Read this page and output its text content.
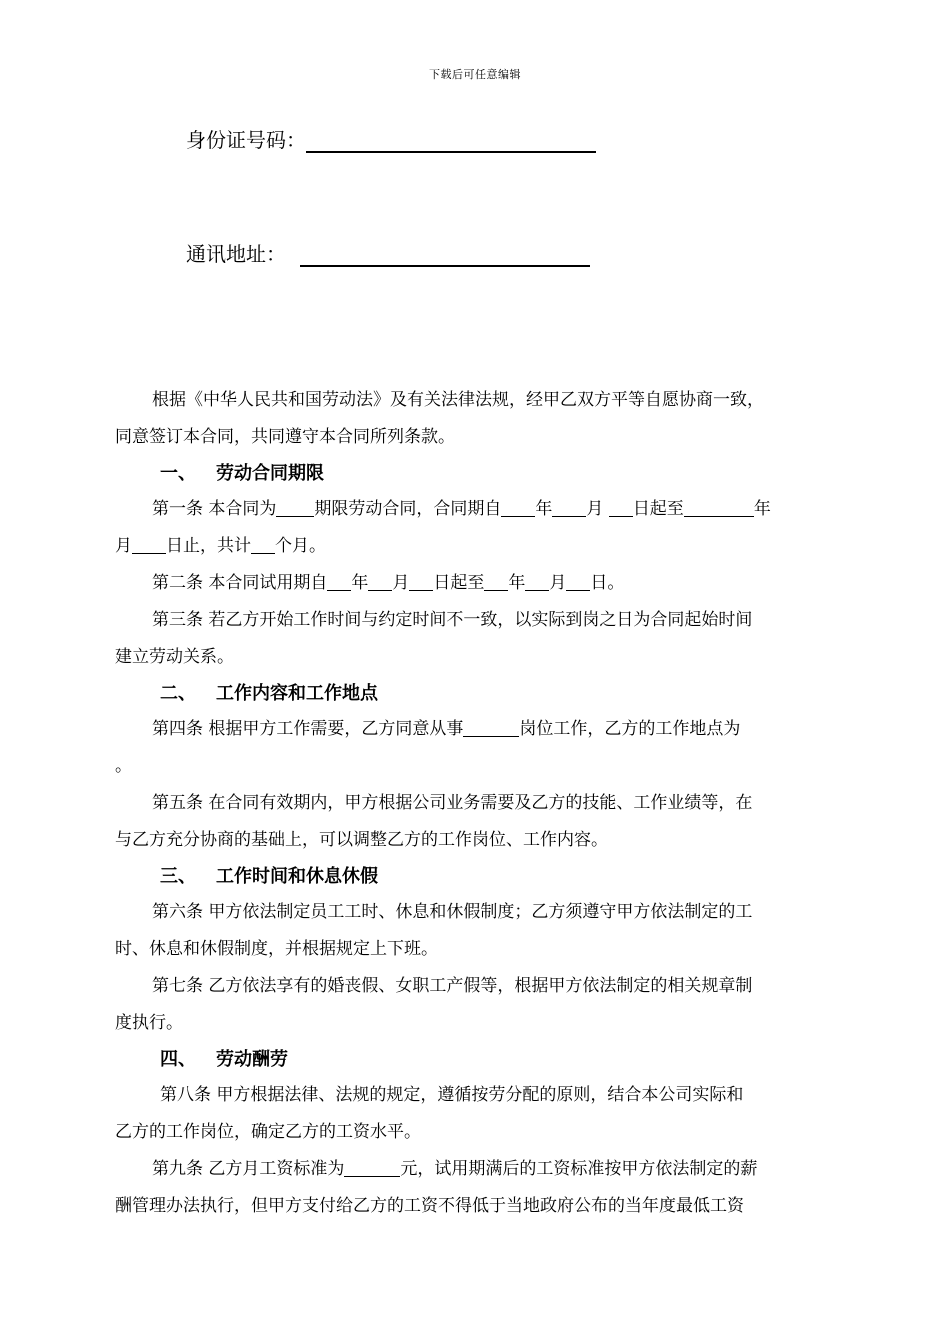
下载后可任意编辑
身份证号码：
通讯地址：

根据《中华人民共和国劳动法》及有关法律法规，经甲乙双方平等自愿协商一致，

同意签订本合同，共同遵守本合同所列条款。

一、 劳动合同期限

第一条 本合同为 期限劳动合同，合同期自 年 月 日起至	年
月 日止，共计 个月。

第二条 本合同试用期自 年 月 日起至 年 月 日。

第三条 若乙方开始工作时间与约定时间不一致，以实际到岗之日为合同起始时间

建立劳动关系。

二、 工作内容和工作地点

第四条 根据甲方工作需要，乙方同意从事	岗位工作，乙方的工作地点为
。

第五条 在合同有效期内，甲方根据公司业务需要及乙方的技能、工作业绩等，在

与乙方充分协商的基础上，可以调整乙方的工作岗位、工作内容。

三、 工作时间和休息休假

第六条 甲方依法制定员工工时、休息和休假制度；乙方须遵守甲方依法制定的工

时、休息和休假制度，并根据规定上下班。

第七条 乙方依法享有的婚丧假、女职工产假等，根据甲方依法制定的相关规章制

度执行。

四、 劳动酬劳

第八条 甲方根据法律、法规的规定，遵循按劳分配的原则，结合本公司实际和

乙方的工作岗位，确定乙方的工资水平。

第九条 乙方月工资标准为	元，试用期满后的工资标准按甲方依法制定的薪

酬管理办法执行，但甲方支付给乙方的工资不得低于当地政府公布的当年度最低工资
